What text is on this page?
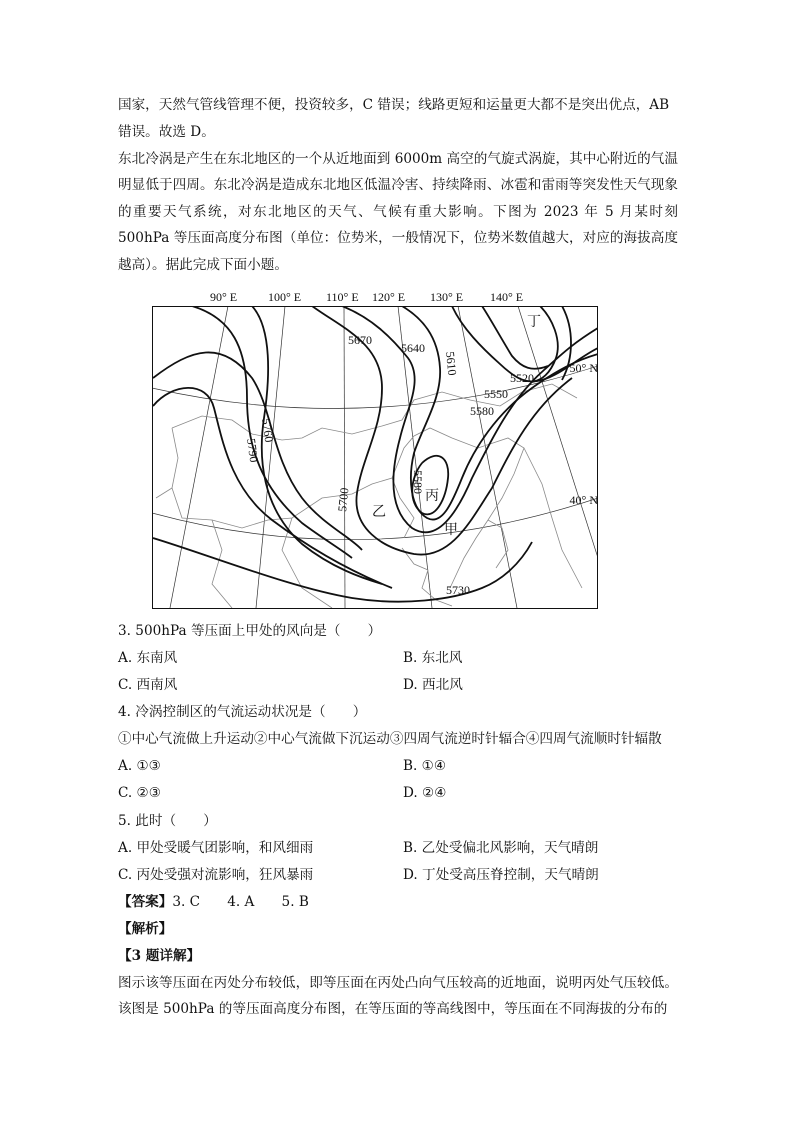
国家，天然气管线管理不便，投资较多，C 错误；线路更短和运量更大都不是突出优点，AB

错误。故选 D。

东北冷涡是产生在东北地区的一个从近地面到 6000m 高空的气旋式涡旋，其中心附近的气温明显低于四周。东北冷涡是造成东北地区低温冷害、持续降雨、冰雹和雷雨等突发性天气现象的重要天气系统，对东北地区的天气、气候有重大影响。下图为 2023 年 5 月某时刻 500hPa 等压面高度分布图（单位：位势米，一般情况下，位势米数值越大，对应的海拔高度越高）。据此完成下面小题。

90° E	100° E 110° E 120° E 130° E 140° E
50° N
40° N
5670
5640
5610
5520
5550
5580
5760
5790
5580
5700
5730
丁
丙
乙
甲
3. 500hPa 等压面上甲处的风向是（　　）
A. 东南风	B. 东北风
C. 西南风	D. 西北风
4. 冷涡控制区的气流运动状况是（　　）
①中心气流做上升运动②中心气流做下沉运动③四周气流逆时针辐合④四周气流顺时针辐散
A. ①③	B. ①④
C. ②③	D. ②④
5. 此时（　　）
A. 甲处受暖气团影响，和风细雨	B. 乙处受偏北风影响，天气晴朗
C. 丙处受强对流影响，狂风暴雨	D. 丁处受高压脊控制，天气晴朗
【答案】3. C　　4. A　　5. B
【解析】
【3 题详解】

图示该等压面在丙处分布较低，即等压面在丙处凸向气压较高的近地面，说明丙处气压较低。该图是 500hPa 的等压面高度分布图，在等压面的等高线图中，等压面在不同海拔的分布的
